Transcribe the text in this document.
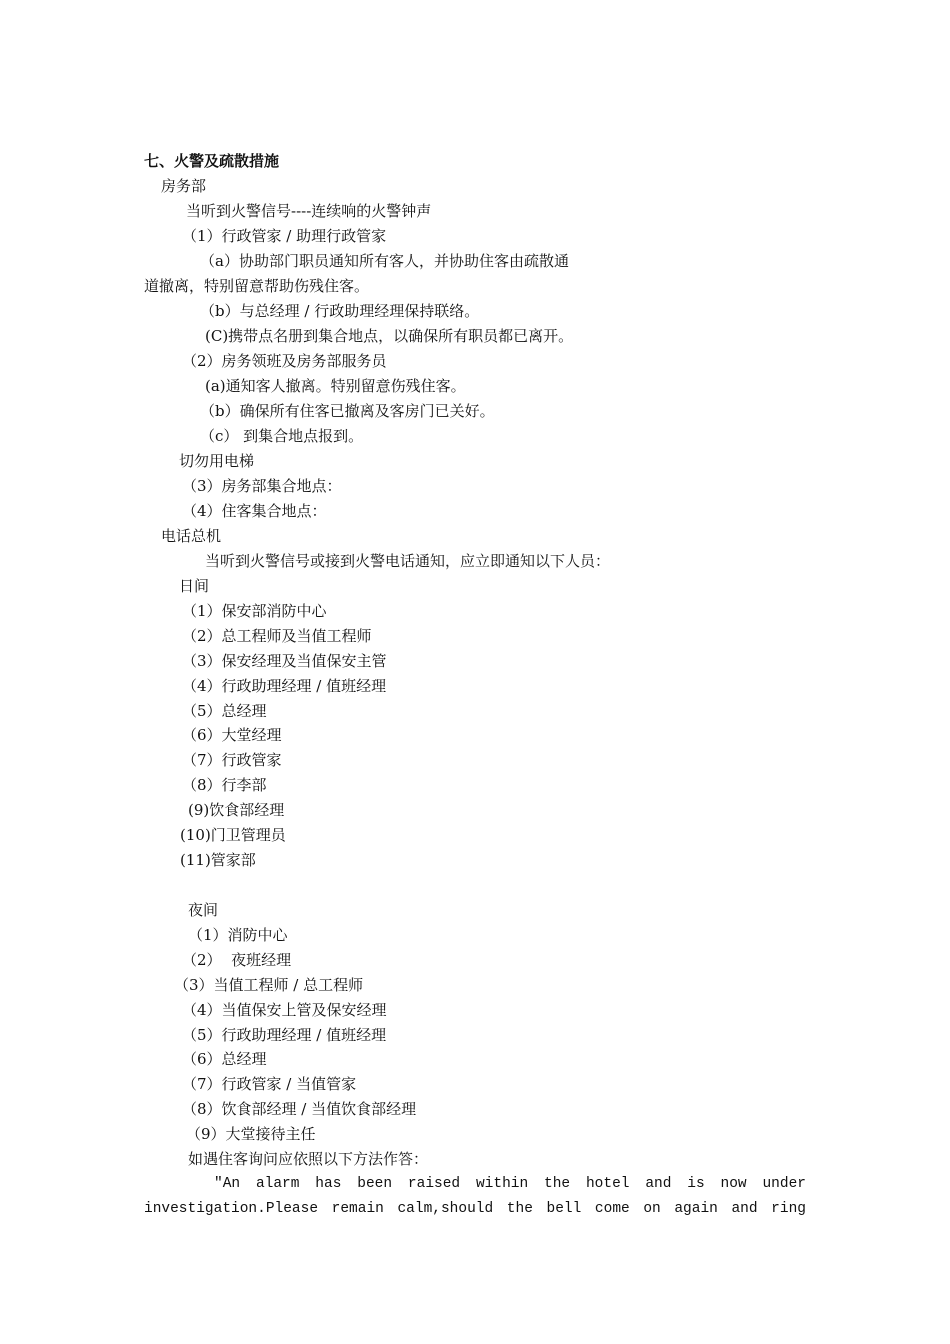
七、火警及疏散措施
房务部
当听到火警信号----连续响的火警钟声
（1）行政管家 / 助理行政管家
（a）协助部门职员通知所有客人，并协助住客由疏散通
道撤离，特别留意帮助伤残住客。
（b）与总经理 / 行政助理经理保持联络。
(C)携带点名册到集合地点，以确保所有职员都已离开。
（2）房务领班及房务部服务员
(a)通知客人撤离。特别留意伤残住客。
（b）确保所有住客已撤离及客房门已关好。
（c） 到集合地点报到。
切勿用电梯
（3）房务部集合地点：
（4）住客集合地点：
电话总机
当听到火警信号或接到火警电话通知，应立即通知以下人员：
日间
（1）保安部消防中心
（2）总工程师及当值工程师
（3）保安经理及当值保安主管
（4）行政助理经理 / 值班经理
（5）总经理
（6）大堂经理
（7）行政管家
（8）行李部
(9)饮食部经理
(10)门卫管理员
(11)管家部
夜间
（1）消防中心
（2）  夜班经理
（3）当值工程师 / 总工程师
（4）当值保安上管及保安经理
（5）行政助理经理 / 值班经理
（6）总经理
（7）行政管家 / 当值管家
（8）饮食部经理 / 当值饮食部经理
（9）大堂接待主任
如遇住客询问应依照以下方法作答：
"An alarm has been raised within the hotel and is now under
investigation.Please remain calm,should the bell come on again and ring
